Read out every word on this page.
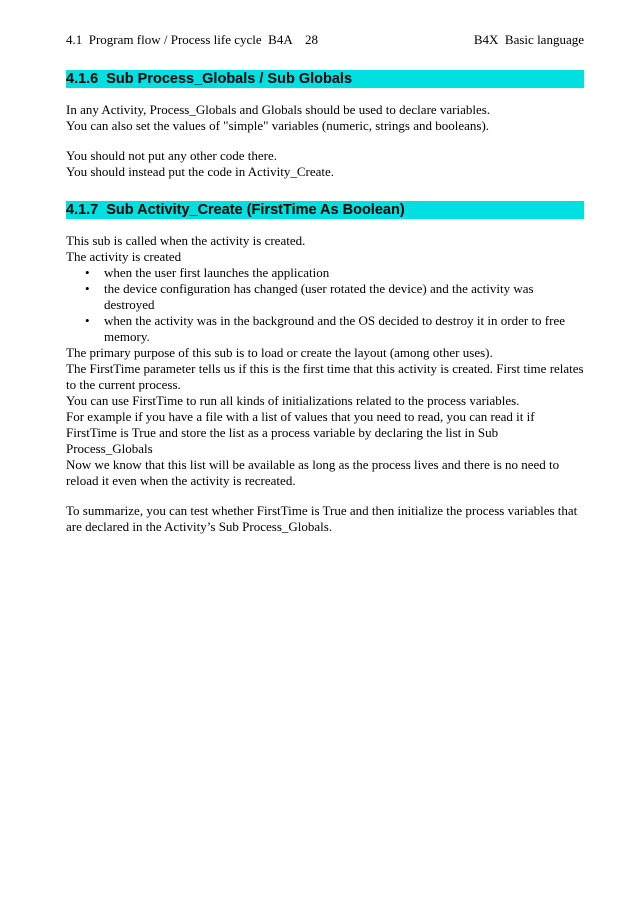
4.1  Program flow / Process life cycle  B4A    28	B4X  Basic language
4.1.6 Sub Process_Globals / Sub Globals

In any Activity, Process_Globals and Globals should be used to declare variables.

You can also set the values of "simple" variables (numeric, strings and booleans).

You should not put any other code there.

You should instead put the code in Activity_Create.

4.1.7 Sub Activity_Create (FirstTime As Boolean)

This sub is called when the activity is created.

The activity is created

• when the user first launches the application
• the device configuration has changed (user rotated the device) and the activity was
destroyed
• when the activity was in the background and the OS decided to destroy it in order to free
memory.

The primary purpose of this sub is to load or create the layout (among other uses).

The FirstTime parameter tells us if this is the first time that this activity is created. First time relates

to the current process.

You can use FirstTime to run all kinds of initializations related to the process variables.

For example if you have a file with a list of values that you need to read, you can read it if

FirstTime is True and store the list as a process variable by declaring the list in Sub

Process_Globals

Now we know that this list will be available as long as the process lives and there is no need to

reload it even when the activity is recreated.

To summarize, you can test whether FirstTime is True and then initialize the process variables that

are declared in the Activity’s Sub Process_Globals.
